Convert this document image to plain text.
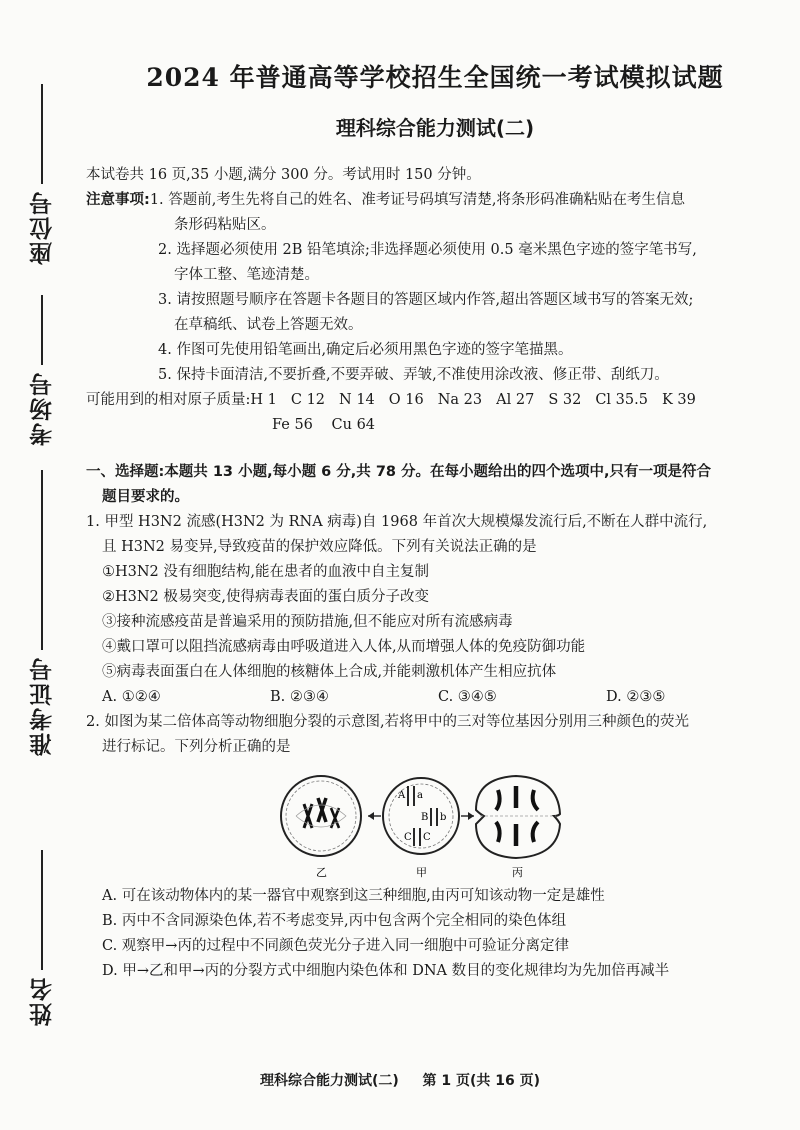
座位号
考场号
准考证号
姓名
2024 年普通高等学校招生全国统一考试模拟试题
理科综合能力测试(二)
本试卷共 16 页,35 小题,满分 300 分。考试用时 150 分钟。
注意事项:1. 答题前,考生先将自己的姓名、准考证号码填写清楚,将条形码准确粘贴在考生信息
条形码粘贴区。
2. 选择题必须使用 2B 铅笔填涂;非选择题必须使用 0.5 毫米黑色字迹的签字笔书写,
字体工整、笔迹清楚。
3. 请按照题号顺序在答题卡各题目的答题区域内作答,超出答题区域书写的答案无效;
在草稿纸、试卷上答题无效。
4. 作图可先使用铅笔画出,确定后必须用黑色字迹的签字笔描黑。
5. 保持卡面清洁,不要折叠,不要弄破、弄皱,不准使用涂改液、修正带、刮纸刀。
可能用到的相对原子质量: H 1 C 12 N 14 O 16 Na 23 Al 27 S 32 Cl 35.5 K 39
Fe 56 Cu 64
一、选择题:本题共 13 小题,每小题 6 分,共 78 分。在每小题给出的四个选项中,只有一项是符合
题目要求的。
1. 甲型 H3N2 流感(H3N2 为 RNA 病毒)自 1968 年首次大规模爆发流行后,不断在人群中流行,
且 H3N2 易变异,导致疫苗的保护效应降低。下列有关说法正确的是
①H3N2 没有细胞结构,能在患者的血液中自主复制
②H3N2 极易突变,使得病毒表面的蛋白质分子改变
③接种流感疫苗是普遍采用的预防措施,但不能应对所有流感病毒
④戴口罩可以阻挡流感病毒由呼吸道进入人体,从而增强人体的免疫防御功能
⑤病毒表面蛋白在人体细胞的核糖体上合成,并能刺激机体产生相应抗体
A. ①②④	B. ②③④	C. ③④⑤	D. ②③⑤
2. 如图为某二倍体高等动物细胞分裂的示意图,若将甲中的三对等位基因分别用三种颜色的荧光
进行标记。下列分析正确的是
A a
B b
C C
乙	甲	丙
A. 可在该动物体内的某一器官中观察到这三种细胞,由丙可知该动物一定是雄性
B. 丙中不含同源染色体,若不考虑变异,丙中包含两个完全相同的染色体组
C. 观察甲→丙的过程中不同颜色荧光分子进入同一细胞中可验证分离定律
D. 甲→乙和甲→丙的分裂方式中细胞内染色体和 DNA 数目的变化规律均为先加倍再减半
理科综合能力测试(二) 第 1 页(共 16 页)
